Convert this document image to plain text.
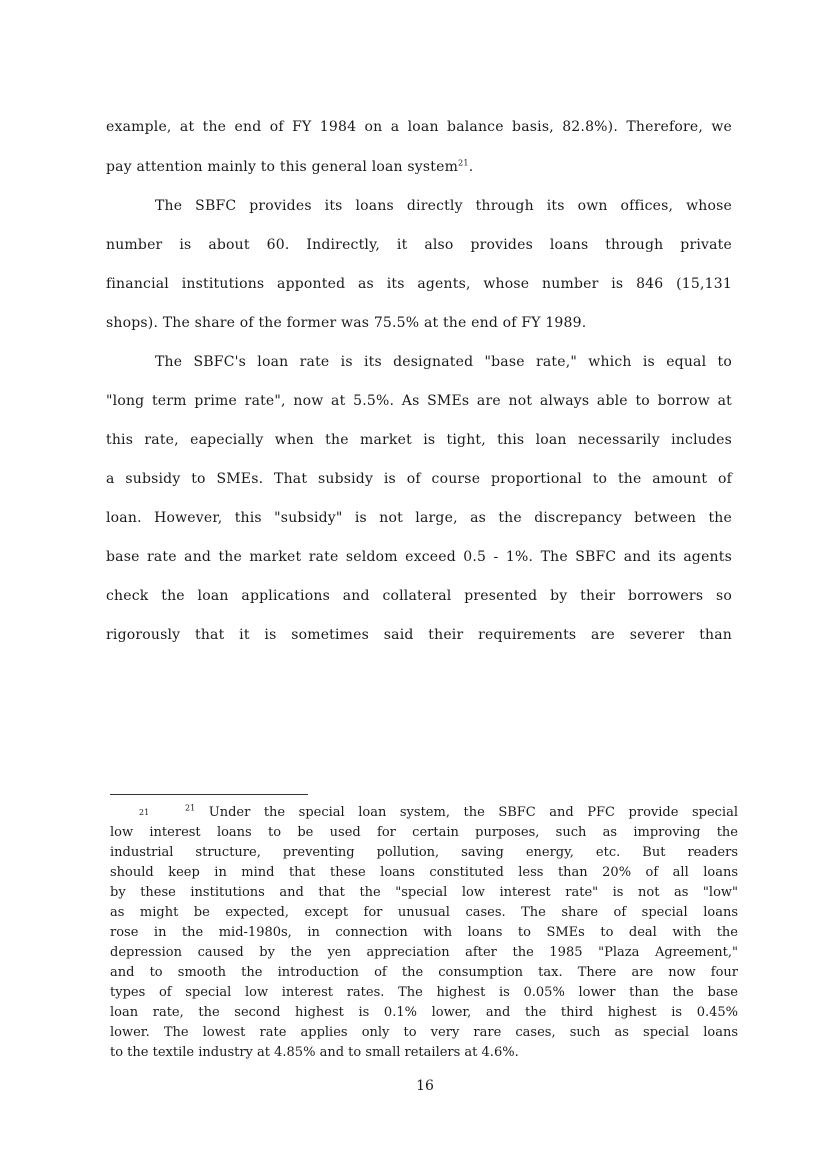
example, at the end of FY 1984 on a loan balance basis, 82.8%). Therefore, we
pay attention mainly to this general loan system$^{21}$.
The SBFC provides its loans directly through its own offices, whose
number is about 60. Indirectly, it also provides loans through private
financial institutions apponted as its agents, whose number is 846 (15,131
shops). The share of the former was 75.5% at the end of FY 1989.
The SBFC's loan rate is its designated "base rate," which is equal to
"long term prime rate", now at 5.5%. As SMEs are not always able to borrow at
this rate, eapecially when the market is tight, this loan necessarily includes
a subsidy to SMEs. That subsidy is of course proportional to the amount of
loan. However, this "subsidy" is not large, as the discrepancy between the
base rate and the market rate seldom exceed 0.5 - 1%. The SBFC and its agents
check the loan applications and collateral presented by their borrowers so
rigorously that it is sometimes said their requirements are severer than
21	$^{21}$ Under the special loan system, the SBFC and PFC provide special
low interest loans to be used for certain purposes, such as improving the
industrial structure, preventing pollution, saving energy, etc. But readers
should keep in mind that these loans constituted less than 20% of all loans
by these institutions and that the "special low interest rate" is not as "low"
as might be expected, except for unusual cases. The share of special loans
rose in the mid-1980s, in connection with loans to SMEs to deal with the
depression caused by the yen appreciation after the 1985 "Plaza Agreement,"
and to smooth the introduction of the consumption tax. There are now four
types of special low interest rates. The highest is 0.05% lower than the base
loan rate, the second highest is 0.1% lower, and the third highest is 0.45%
lower. The lowest rate applies only to very rare cases, such as special loans
to the textile industry at 4.85% and to small retailers at 4.6%.
16
